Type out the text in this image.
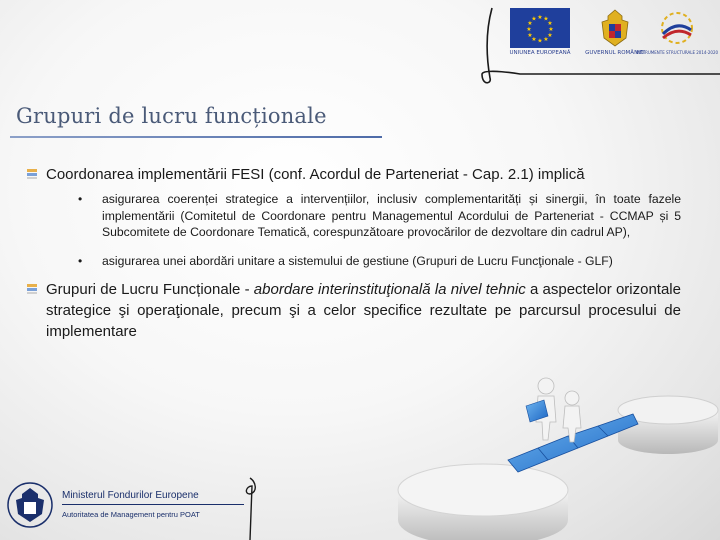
★ ★
★
★
★
★
★
★
★
★
★
★
UNIUNEA EUROPEANĂ	GUVERNUL ROMÂNIEI
INSTRUMENTE STRUCTURALE 2014-2020
Grupuri de lucru funcționale
Coordonarea implementării FESI (conf. Acordul de Parteneriat - Cap. 2.1) implică
• asigurarea coerenței strategice a intervențiilor, inclusiv complementarități și sinergii, în toate fazele implementării (Comitetul de Coordonare pentru Managementul Acordului de Parteneriat - CCMAP și 5 Subcomitete de Coordonare Tematică, corespunzătoare provocărilor de dezvoltare din cadrul AP),
• asigurarea unei abordări unitare a sistemului de gestiune (Grupuri de Lucru Funcţionale - GLF)
Grupuri de Lucru Funcționale - abordare interinstituţională la nivel tehnic a aspectelor orizontale strategice şi operaţionale, precum şi a celor specifice rezultate pe parcursul procesului de implementare
Ministerul Fondurilor Europene
Autoritatea de Management pentru POAT
